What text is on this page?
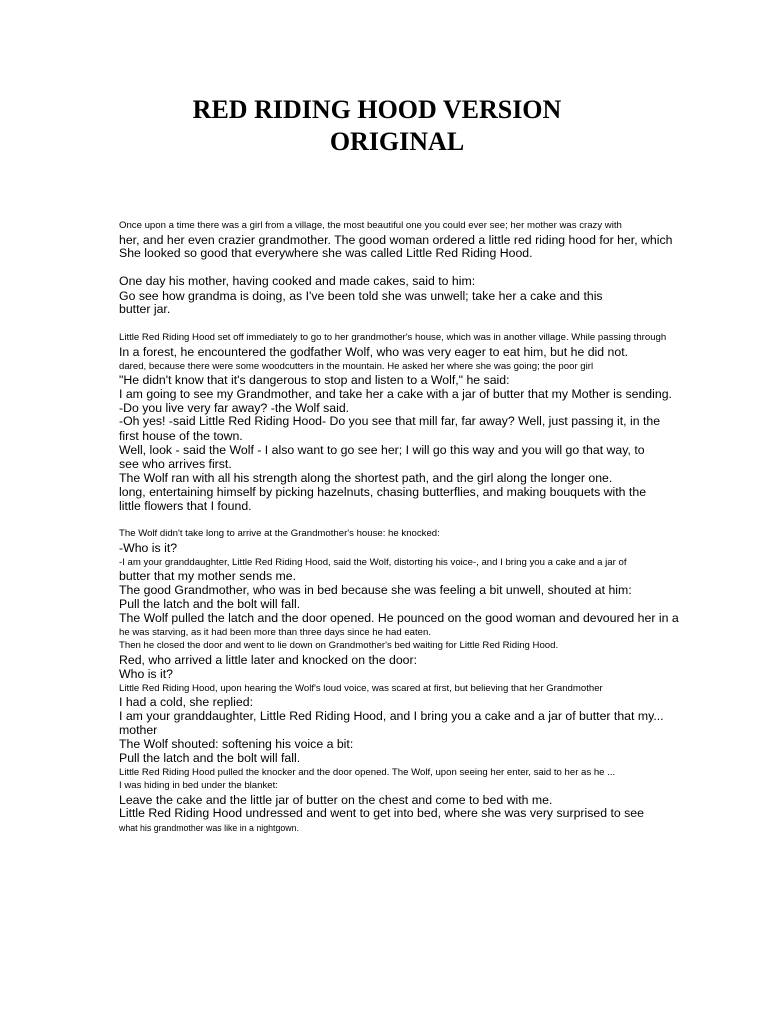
RED RIDING HOOD VERSION
ORIGINAL
Once upon a time there was a girl from a village, the most beautiful one you could ever see; her mother was crazy with
her, and her even crazier grandmother. The good woman ordered a little red riding hood for her, which
She looked so good that everywhere she was called Little Red Riding Hood.
One day his mother, having cooked and made cakes, said to him:
Go see how grandma is doing, as I've been told she was unwell; take her a cake and this
butter jar.
Little Red Riding Hood set off immediately to go to her grandmother's house, which was in another village. While passing through
In a forest, he encountered the godfather Wolf, who was very eager to eat him, but he did not.
dared, because there were some woodcutters in the mountain. He asked her where she was going; the poor girl
"He didn't know that it's dangerous to stop and listen to a Wolf," he said:
I am going to see my Grandmother, and take her a cake with a jar of butter that my Mother is sending.
-Do you live very far away? -the Wolf said.
-Oh yes! -said Little Red Riding Hood- Do you see that mill far, far away? Well, just passing it, in the
first house of the town.
Well, look - said the Wolf - I also want to go see her; I will go this way and you will go that way, to
see who arrives first.
The Wolf ran with all his strength along the shortest path, and the girl along the longer one.
long, entertaining himself by picking hazelnuts, chasing butterflies, and making bouquets with the
little flowers that I found.
The Wolf didn't take long to arrive at the Grandmother's house: he knocked:
-Who is it?
-I am your granddaughter, Little Red Riding Hood, said the Wolf, distorting his voice-, and I bring you a cake and a jar of
butter that my mother sends me.
The good Grandmother, who was in bed because she was feeling a bit unwell, shouted at him:
Pull the latch and the bolt will fall.
The Wolf pulled the latch and the door opened. He pounced on the good woman and devoured her in a
he was starving, as it had been more than three days since he had eaten.
Then he closed the door and went to lie down on Grandmother's bed waiting for Little Red Riding Hood.
Red, who arrived a little later and knocked on the door:
Who is it?
Little Red Riding Hood, upon hearing the Wolf's loud voice, was scared at first, but believing that her Grandmother
I had a cold, she replied:
I am your granddaughter, Little Red Riding Hood, and I bring you a cake and a jar of butter that my...
mother
The Wolf shouted: softening his voice a bit:
Pull the latch and the bolt will fall.
Little Red Riding Hood pulled the knocker and the door opened. The Wolf, upon seeing her enter, said to her as he ...
I was hiding in bed under the blanket:
Leave the cake and the little jar of butter on the chest and come to bed with me.
Little Red Riding Hood undressed and went to get into bed, where she was very surprised to see
what his grandmother was like in a nightgown.
